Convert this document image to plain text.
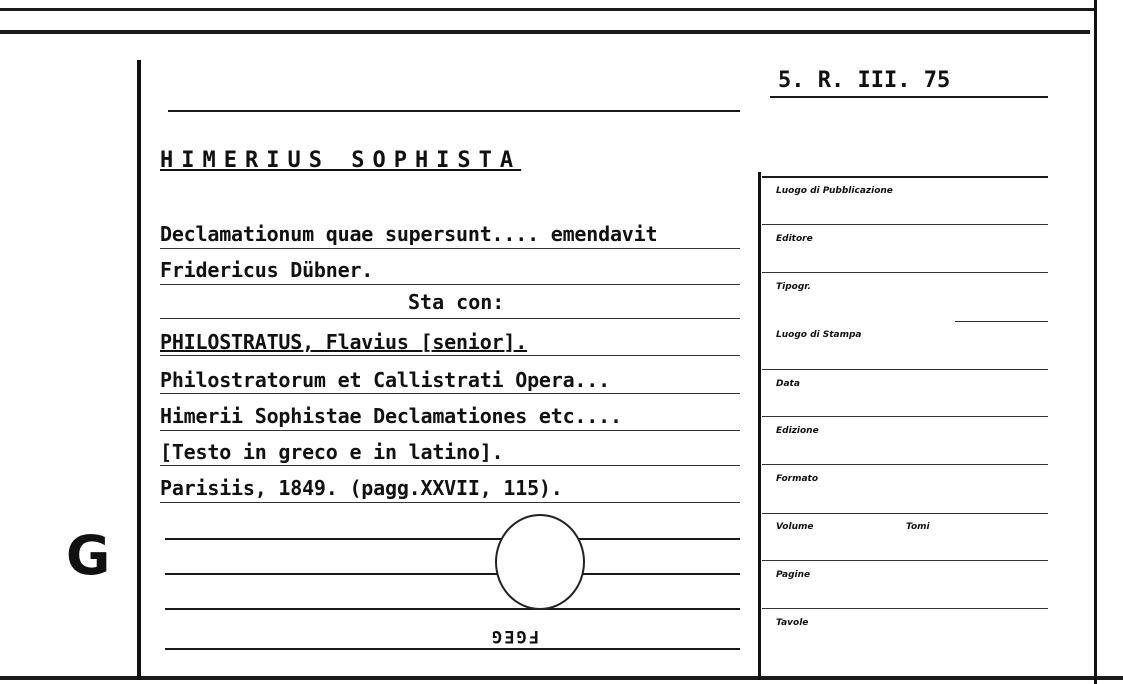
G
5. R. III. 75
HIMERIUS SOPHISTA
Declamationum quae supersunt.... emendavit
Fridericus Dübner.
Sta con:
PHILOSTRATUS, Flavius [senior].
Philostratorum et Callistrati Opera...
Himerii Sophistae Declamationes etc....
[Testo in greco e in latino].
Parisiis, 1849. (pagg.XXVII, 115).
FGEG
Luogo di Pubblicazione
Editore
Tipogr.
Luogo di Stampa
Data
Edizione
Formato
Volume	Tomi
Pagine
Tavole
